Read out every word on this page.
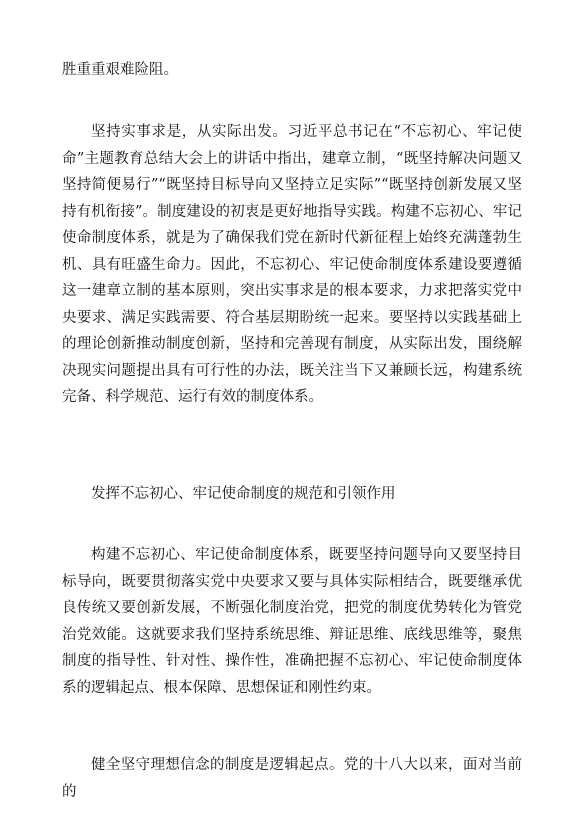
胜重重艰难险阻。

坚持实事求是，从实际出发。习近平总书记在“不忘初心、牢记使命”主题教育总结大会上的讲话中指出，建章立制，“既坚持解决问题又坚持简便易行”“既坚持目标导向又坚持立足实际”“既坚持创新发展又坚持有机衔接”。制度建设的初衷是更好地指导实践。构建不忘初心、牢记使命制度体系，就是为了确保我们党在新时代新征程上始终充满蓬勃生机、具有旺盛生命力。因此，不忘初心、牢记使命制度体系建设要遵循这一建章立制的基本原则，突出实事求是的根本要求，力求把落实党中央要求、满足实践需要、符合基层期盼统一起来。要坚持以实践基础上的理论创新推动制度创新，坚持和完善现有制度，从实际出发，围绕解决现实问题提出具有可行性的办法，既关注当下又兼顾长远，构建系统完备、科学规范、运行有效的制度体系。

发挥不忘初心、牢记使命制度的规范和引领作用

构建不忘初心、牢记使命制度体系，既要坚持问题导向又要坚持目标导向，既要贯彻落实党中央要求又要与具体实际相结合，既要继承优良传统又要创新发展，不断强化制度治党，把党的制度优势转化为管党治党效能。这就要求我们坚持系统思维、辩证思维、底线思维等，聚焦制度的指导性、针对性、操作性，准确把握不忘初心、牢记使命制度体系的逻辑起点、根本保障、思想保证和刚性约束。

健全坚守理想信念的制度是逻辑起点。党的十八大以来，面对当前的
